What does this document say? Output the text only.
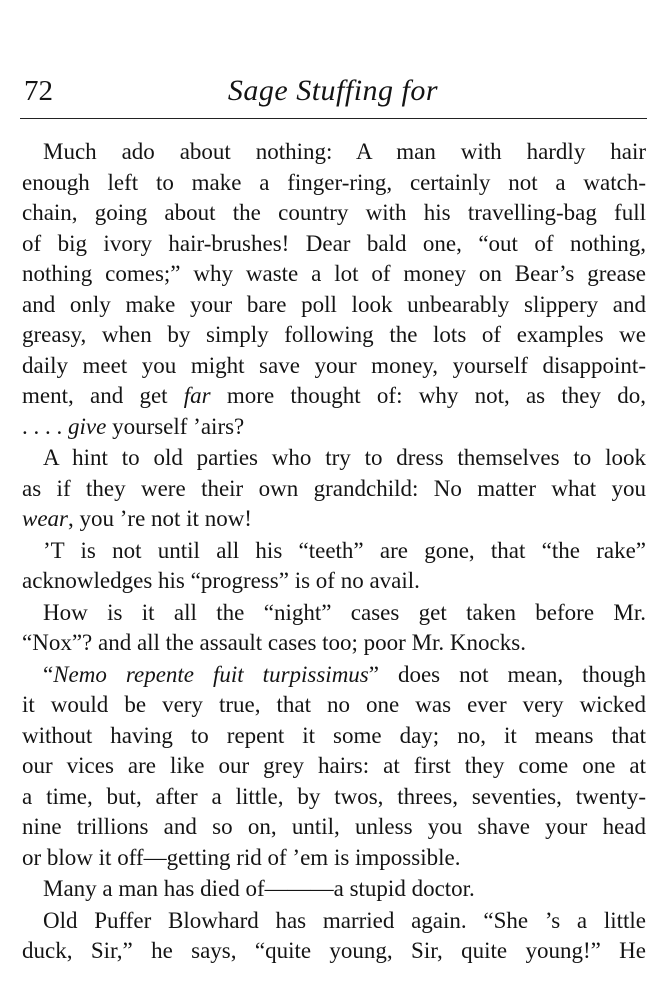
72	Sage Stuffing for
Much ado about nothing: A man with hardly hair
enough left to make a finger-ring, certainly not a watch-
chain, going about the country with his travelling-bag full
of big ivory hair-brushes! Dear bald one, “out of nothing,
nothing comes;” why waste a lot of money on Bear’s grease
and only make your bare poll look unbearably slippery and
greasy, when by simply following the lots of examples we
daily meet you might save your money, yourself disappoint-
ment, and get far more thought of: why not, as they do,
. . . . give yourself ’airs?
A hint to old parties who try to dress themselves to look
as if they were their own grandchild: No matter what you
wear, you ’re not it now!
’T is not until all his “teeth” are gone, that “the rake”
acknowledges his “progress” is of no avail.
How is it all the “night” cases get taken before Mr.
“Nox”? and all the assault cases too; poor Mr. Knocks.
“Nemo repente fuit turpissimus” does not mean, though
it would be very true, that no one was ever very wicked
without having to repent it some day; no, it means that
our vices are like our grey hairs: at first they come one at
a time, but, after a little, by twos, threes, seventies, twenty-
nine trillions and so on, until, unless you shave your head
or blow it off—getting rid of ’em is impossible.
Many a man has died of———a stupid doctor.
Old Puffer Blowhard has married again. “She ’s a little
duck, Sir,” he says, “quite young, Sir, quite young!” He
